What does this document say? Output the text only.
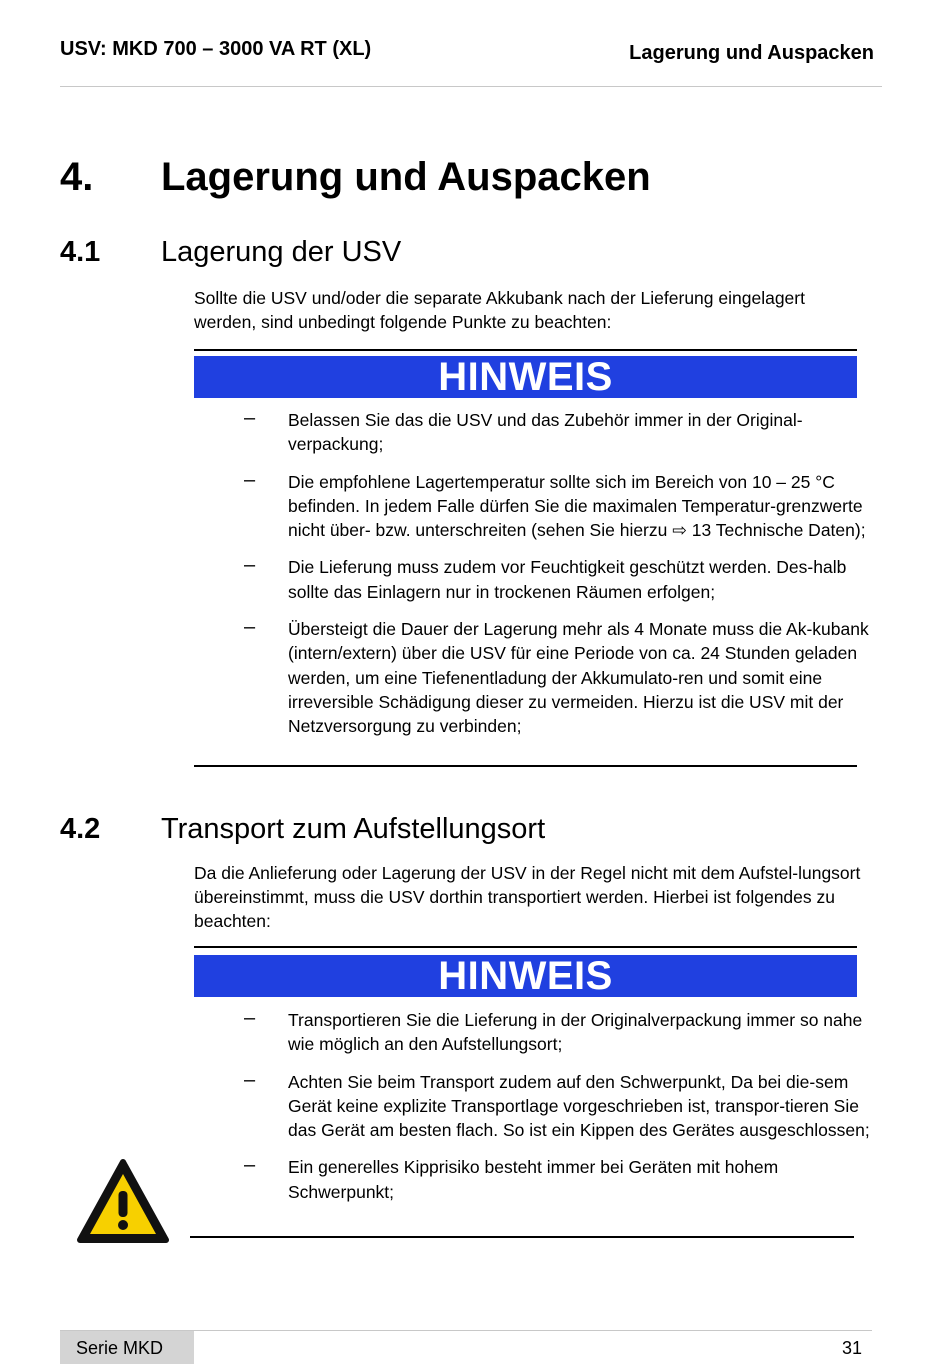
USV: MKD 700 – 3000 VA RT (XL)	Lagerung und Auspacken
4. Lagerung und Auspacken
4.1 Lagerung der USV
Sollte die USV und/oder die separate Akkubank nach der Lieferung eingelagert werden, sind unbedingt folgende Punkte zu beachten:
HINWEIS
– Belassen Sie das die USV und das Zubehör immer in der Original-verpackung;
– Die empfohlene Lagertemperatur sollte sich im Bereich von 10 – 25 °C befinden. In jedem Falle dürfen Sie die maximalen Temperatur-grenzwerte nicht über- bzw. unterschreiten (sehen Sie hierzu ⇨ 13 Technische Daten);
– Die Lieferung muss zudem vor Feuchtigkeit geschützt werden. Des-halb sollte das Einlagern nur in trockenen Räumen erfolgen;
– Übersteigt die Dauer der Lagerung mehr als 4 Monate muss die Ak-kubank (intern/extern) über die USV für eine Periode von ca. 24 Stunden geladen werden, um eine Tiefenentladung der Akkumulato-ren und somit eine irreversible Schädigung dieser zu vermeiden. Hierzu ist die USV mit der Netzversorgung zu verbinden;
4.2 Transport zum Aufstellungsort
Da die Anlieferung oder Lagerung der USV in der Regel nicht mit dem Aufstel-lungsort übereinstimmt, muss die USV dorthin transportiert werden. Hierbei ist folgendes zu beachten:
HINWEIS
– Transportieren Sie die Lieferung in der Originalverpackung immer so nahe wie möglich an den Aufstellungsort;
– Achten Sie beim Transport zudem auf den Schwerpunkt, Da bei die-sem Gerät keine explizite Transportlage vorgeschrieben ist, transpor-tieren Sie das Gerät am besten flach. So ist ein Kippen des Gerätes ausgeschlossen;
– Ein generelles Kipprisiko besteht immer bei Geräten mit hohem Schwerpunkt;
Serie MKD	31
